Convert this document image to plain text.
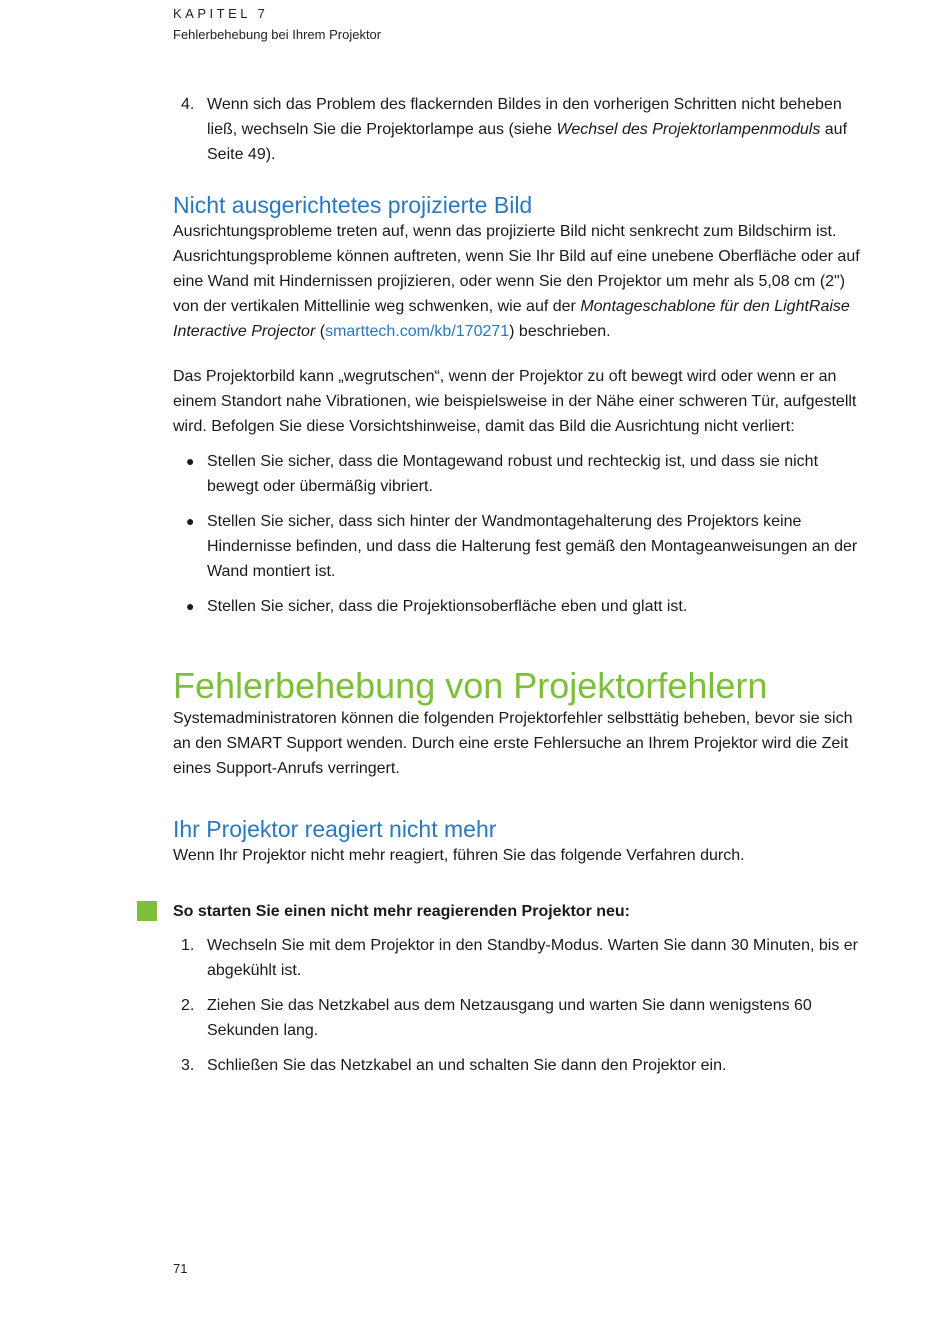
KAPITEL 7
Fehlerbehebung bei Ihrem Projektor
4. Wenn sich das Problem des flackernden Bildes in den vorherigen Schritten nicht beheben ließ, wechseln Sie die Projektorlampe aus (siehe Wechsel des Projektorlampenmoduls auf Seite 49).
Nicht ausgerichtetes projizierte Bild

Ausrichtungsprobleme treten auf, wenn das projizierte Bild nicht senkrecht zum Bildschirm ist. Ausrichtungsprobleme können auftreten, wenn Sie Ihr Bild auf eine unebene Oberfläche oder auf eine Wand mit Hindernissen projizieren, oder wenn Sie den Projektor um mehr als 5,08 cm (2") von der vertikalen Mittellinie weg schwenken, wie auf der Montageschablone für den LightRaise Interactive Projector (smarttech.com/kb/170271) beschrieben.

Das Projektorbild kann „wegrutschen“, wenn der Projektor zu oft bewegt wird oder wenn er an einem Standort nahe Vibrationen, wie beispielsweise in der Nähe einer schweren Tür, aufgestellt wird. Befolgen Sie diese Vorsichtshinweise, damit das Bild die Ausrichtung nicht verliert:

● Stellen Sie sicher, dass die Montagewand robust und rechteckig ist, und dass sie nicht bewegt oder übermäßig vibriert.
● Stellen Sie sicher, dass sich hinter der Wandmontagehalterung des Projektors keine Hindernisse befinden, und dass die Halterung fest gemäß den Montageanweisungen an der Wand montiert ist.
● Stellen Sie sicher, dass die Projektionsoberfläche eben und glatt ist.
Fehlerbehebung von Projektorfehlern

Systemadministratoren können die folgenden Projektorfehler selbsttätig beheben, bevor sie sich an den SMART Support wenden. Durch eine erste Fehlersuche an Ihrem Projektor wird die Zeit eines Support-Anrufs verringert.

Ihr Projektor reagiert nicht mehr

Wenn Ihr Projektor nicht mehr reagiert, führen Sie das folgende Verfahren durch.

So starten Sie einen nicht mehr reagierenden Projektor neu:
1. Wechseln Sie mit dem Projektor in den Standby-Modus. Warten Sie dann 30 Minuten, bis er abgekühlt ist.
2. Ziehen Sie das Netzkabel aus dem Netzausgang und warten Sie dann wenigstens 60 Sekunden lang.
3. Schließen Sie das Netzkabel an und schalten Sie dann den Projektor ein.
71
